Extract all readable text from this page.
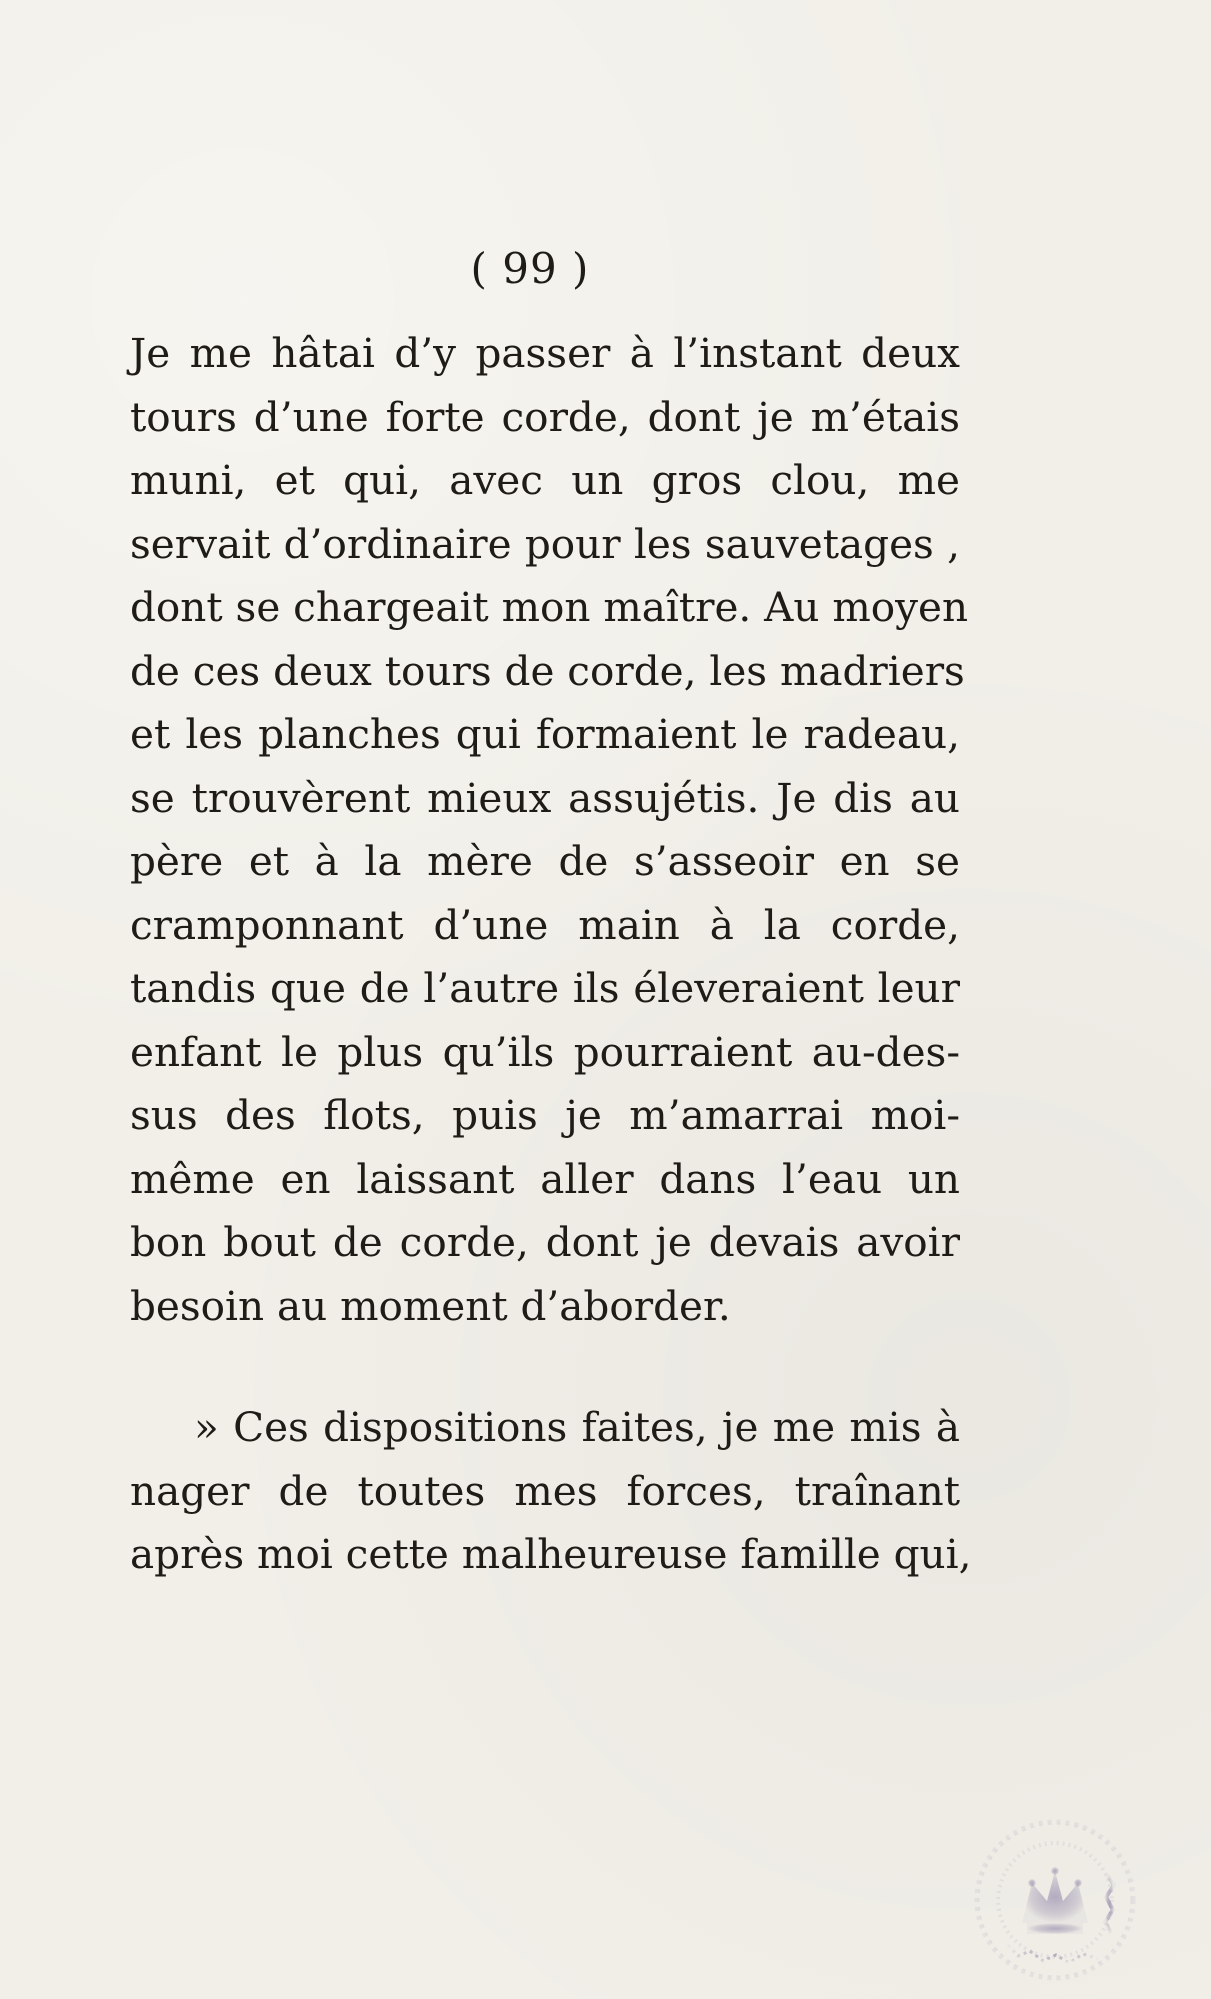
( 99 )
Je me hâtai d’y passer à l’instant deux
tours d’une forte corde, dont je m’étais
muni, et qui, avec un gros clou, me
servait d’ordinaire pour les sauvetages ,
dont se chargeait mon maître. Au moyen
de ces deux tours de corde, les madriers
et les planches qui formaient le radeau,
se trouvèrent mieux assujétis. Je dis au
père et à la mère de s’asseoir en se
cramponnant d’une main à la corde,
tandis que de l’autre ils éleveraient leur
enfant le plus qu’ils pourraient au-des-
sus des flots, puis je m’amarrai moi-
même en laissant aller dans l’eau un
bon bout de corde, dont je devais avoir
besoin au moment d’aborder.
» Ces dispositions faites, je me mis à
nager de toutes mes forces, traînant
après moi cette malheureuse famille qui,
